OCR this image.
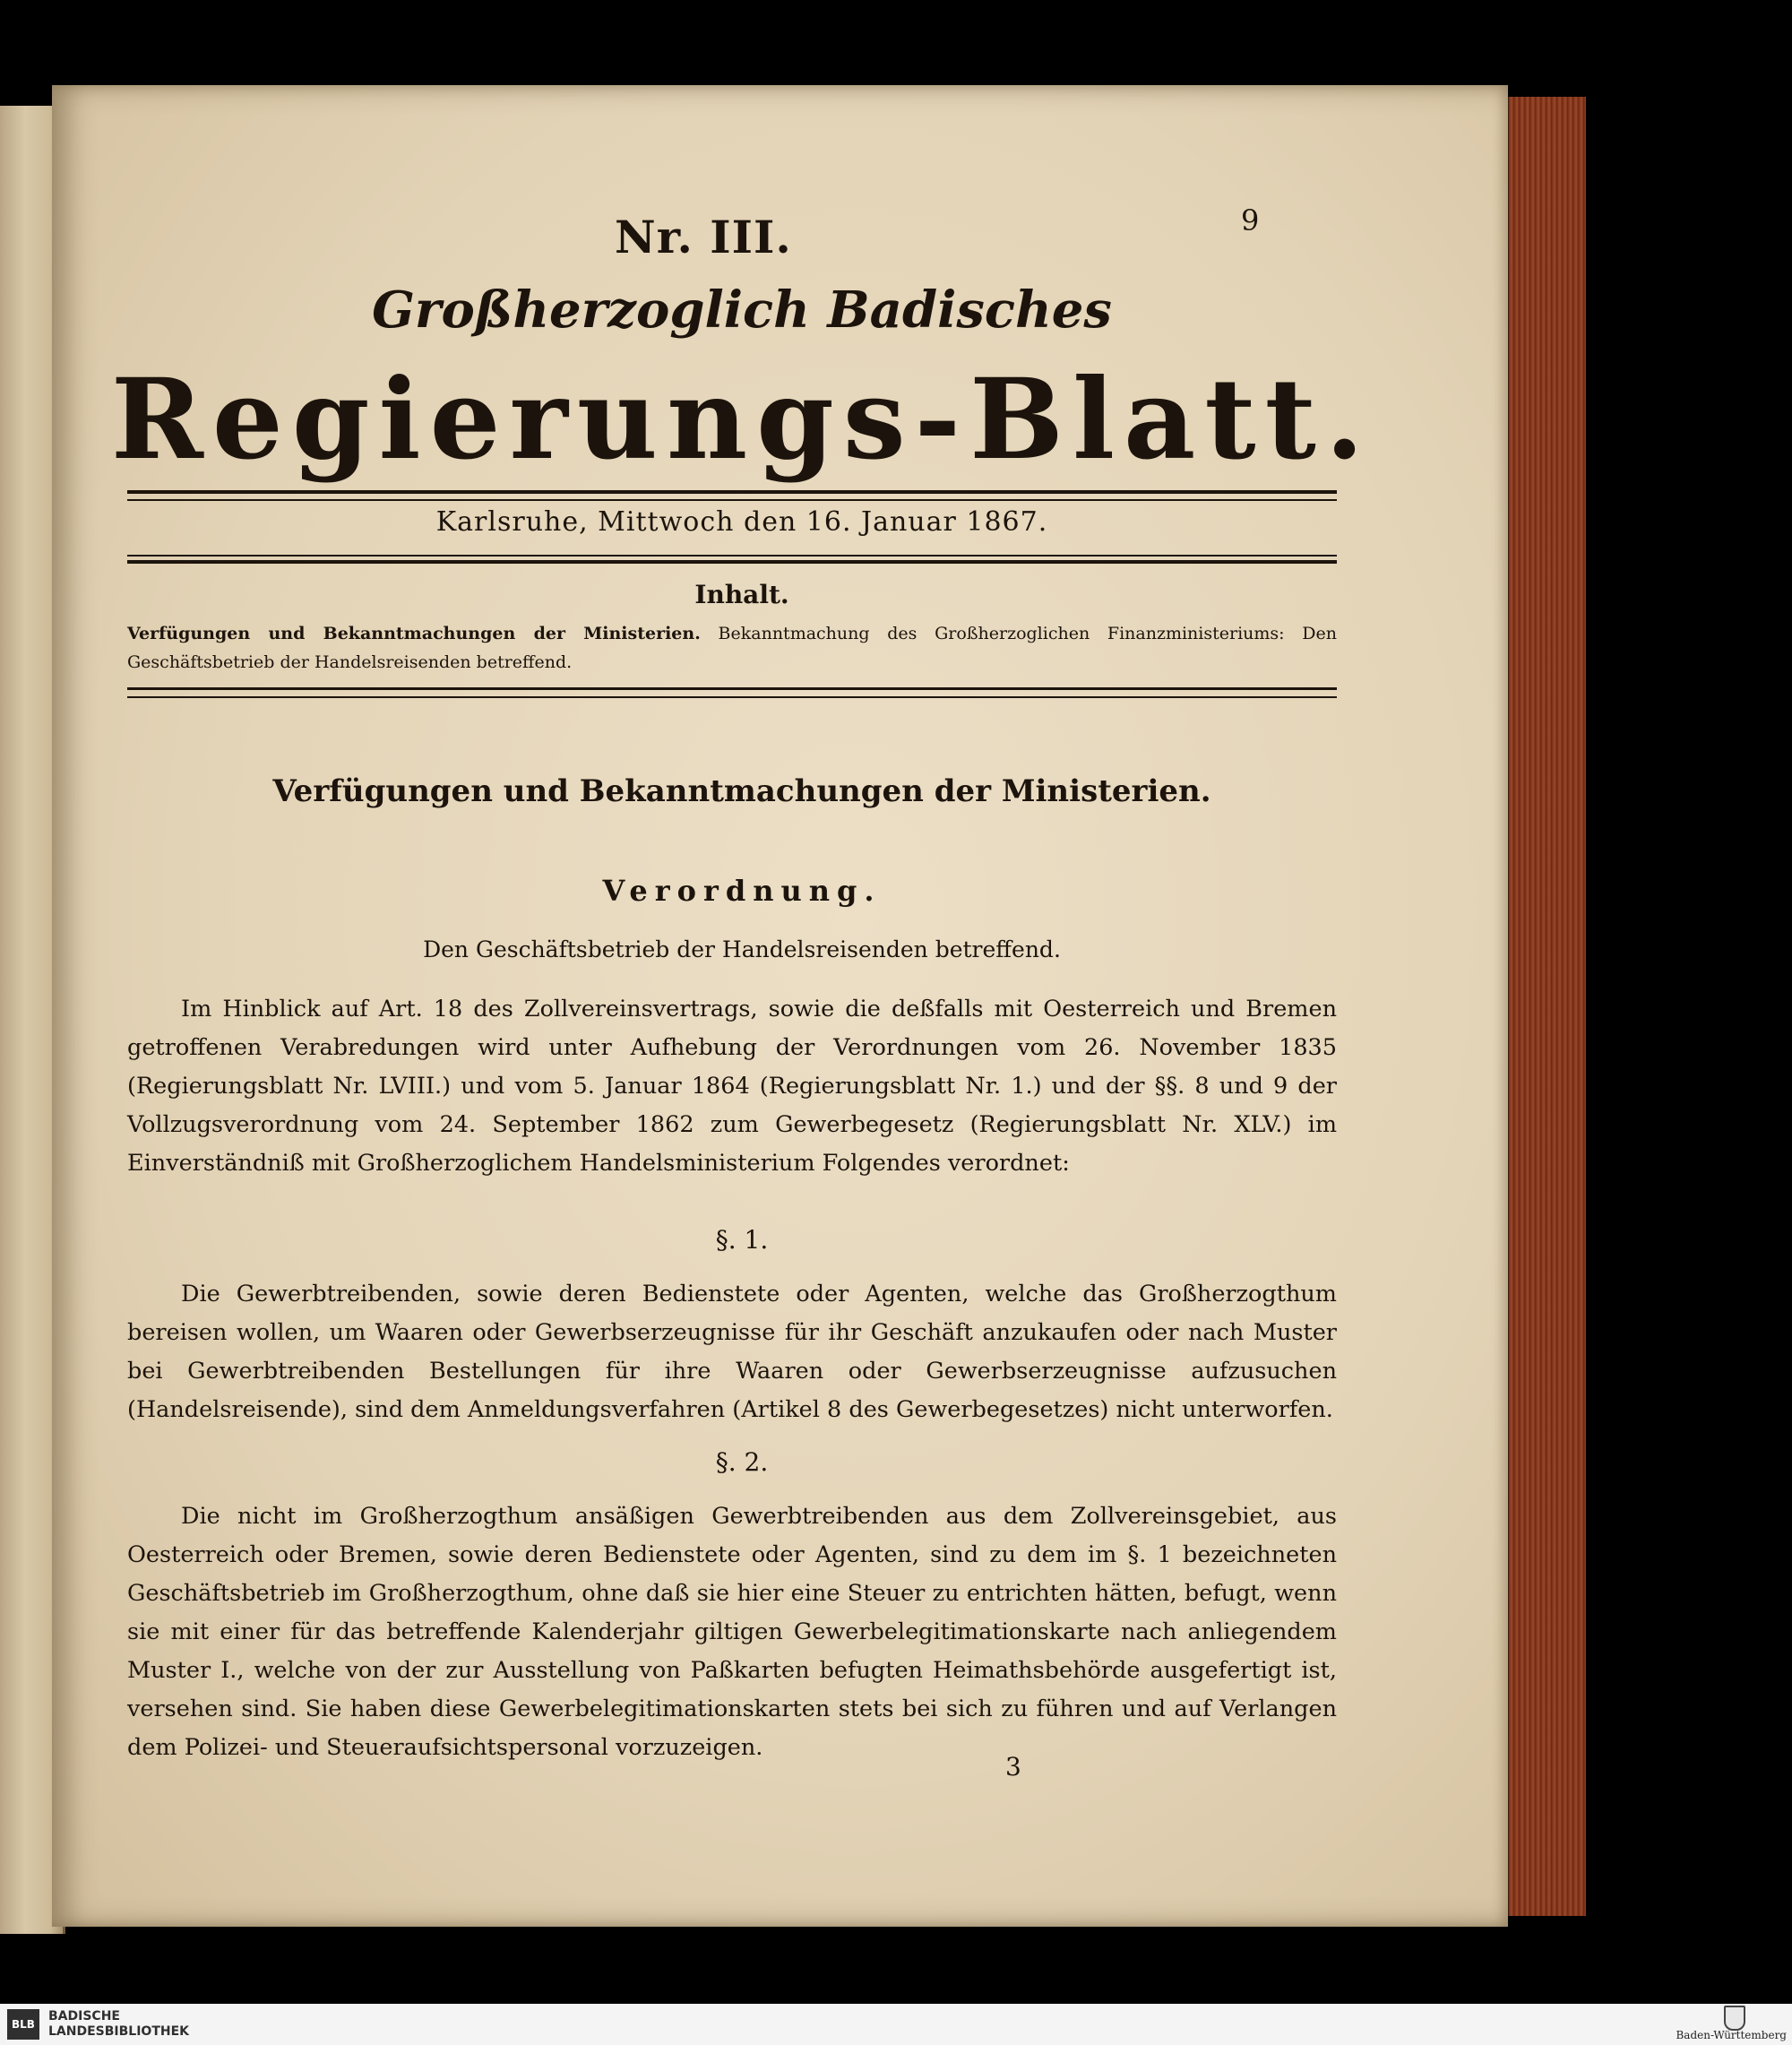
Nr. III.	9
Großherzoglich Badisches
Regierungs-Blatt.
Karlsruhe, Mittwoch den 16. Januar 1867.
Inhalt.
Verfügungen und Bekanntmachungen der Ministerien. Bekanntmachung des Großherzoglichen Finanzministeriums: Den Geschäftsbetrieb der Handelsreisenden betreffend.
Verfügungen und Bekanntmachungen der Ministerien.
Verordnung.
Den Geschäftsbetrieb der Handelsreisenden betreffend.
Im Hinblick auf Art. 18 des Zollvereinsvertrags, sowie die deßfalls mit Oesterreich und Bremen getroffenen Verabredungen wird unter Aufhebung der Verordnungen vom 26. November 1835 (Regierungsblatt Nr. LVIII.) und vom 5. Januar 1864 (Regierungsblatt Nr. 1.) und der §§. 8 und 9 der Vollzugsverordnung vom 24. September 1862 zum Gewerbegesetz (Regierungsblatt Nr. XLV.) im Einverständniß mit Großherzoglichem Handelsministerium Folgendes verordnet:
§. 1.
Die Gewerbtreibenden, sowie deren Bedienstete oder Agenten, welche das Großherzogthum bereisen wollen, um Waaren oder Gewerbserzeugnisse für ihr Geschäft anzukaufen oder nach Muster bei Gewerbtreibenden Bestellungen für ihre Waaren oder Gewerbserzeugnisse aufzusuchen (Handelsreisende), sind dem Anmeldungsverfahren (Artikel 8 des Gewerbegesetzes) nicht unterworfen.
§. 2.
Die nicht im Großherzogthum ansäßigen Gewerbtreibenden aus dem Zollvereinsgebiet, aus Oesterreich oder Bremen, sowie deren Bedienstete oder Agenten, sind zu dem im §. 1 bezeichneten Geschäftsbetrieb im Großherzogthum, ohne daß sie hier eine Steuer zu entrichten hätten, befugt, wenn sie mit einer für das betreffende Kalenderjahr giltigen Gewerbelegitimationskarte nach anliegendem Muster I., welche von der zur Ausstellung von Paßkarten befugten Heimathsbehörde ausgefertigt ist, versehen sind. Sie haben diese Gewerbelegitimationskarten stets bei sich zu führen und auf Verlangen dem Polizei- und Steueraufsichtspersonal vorzuzeigen.
3
BLB
BADISCHE
LANDESBIBLIOTHEK	Baden-Württemberg
